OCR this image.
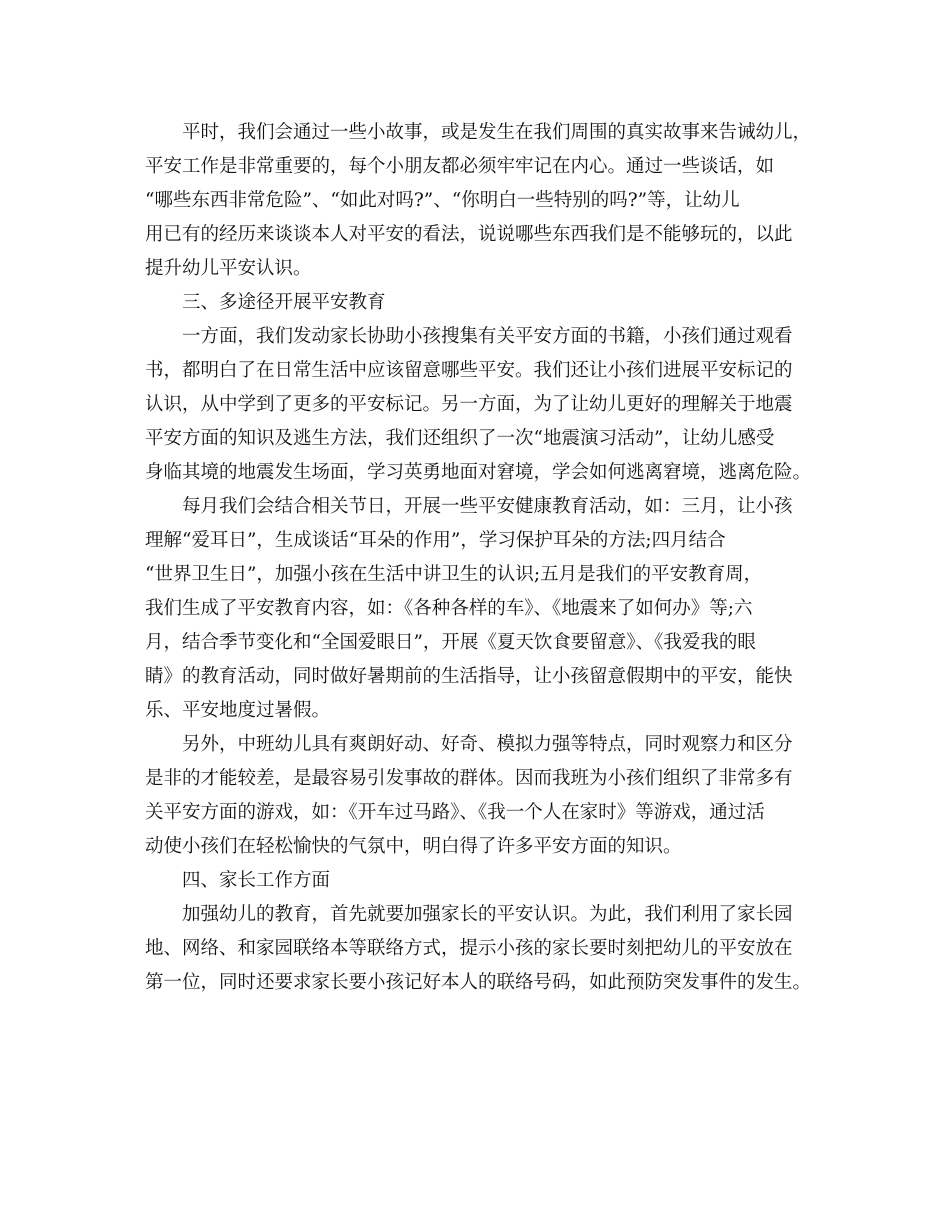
平时，我们会通过一些小故事，或是发生在我们周围的真实故事来告诫幼儿，
平安工作是非常重要的，每个小朋友都必须牢牢记在内心。通过一些谈话，如
“哪些东西非常危险”、“如此对吗?”、“你明白一些特别的吗?”等，让幼儿
用已有的经历来谈谈本人对平安的看法，说说哪些东西我们是不能够玩的，以此
提升幼儿平安认识。
三、多途径开展平安教育
一方面，我们发动家长协助小孩搜集有关平安方面的书籍，小孩们通过观看
书，都明白了在日常生活中应该留意哪些平安。我们还让小孩们进展平安标记的
认识，从中学到了更多的平安标记。另一方面，为了让幼儿更好的理解关于地震
平安方面的知识及逃生方法，我们还组织了一次“地震演习活动”，让幼儿感受
身临其境的地震发生场面，学习英勇地面对窘境，学会如何逃离窘境，逃离危险。
每月我们会结合相关节日，开展一些平安健康教育活动，如：三月，让小孩
理解“爱耳日”，生成谈话“耳朵的作用”，学习保护耳朵的方法;四月结合
“世界卫生日”，加强小孩在生活中讲卫生的认识;五月是我们的平安教育周，
我们生成了平安教育内容，如：《各种各样的车》、《地震来了如何办》等;六
月，结合季节变化和“全国爱眼日”，开展《夏天饮食要留意》、《我爱我的眼
睛》的教育活动，同时做好暑期前的生活指导，让小孩留意假期中的平安，能快
乐、平安地度过暑假。
另外，中班幼儿具有爽朗好动、好奇、模拟力强等特点，同时观察力和区分
是非的才能较差，是最容易引发事故的群体。因而我班为小孩们组织了非常多有
关平安方面的游戏，如：《开车过马路》、《我一个人在家时》等游戏，通过活
动使小孩们在轻松愉快的气氛中，明白得了许多平安方面的知识。
四、家长工作方面
加强幼儿的教育，首先就要加强家长的平安认识。为此，我们利用了家长园
地、网络、和家园联络本等联络方式，提示小孩的家长要时刻把幼儿的平安放在
第一位，同时还要求家长要小孩记好本人的联络号码，如此预防突发事件的发生。
